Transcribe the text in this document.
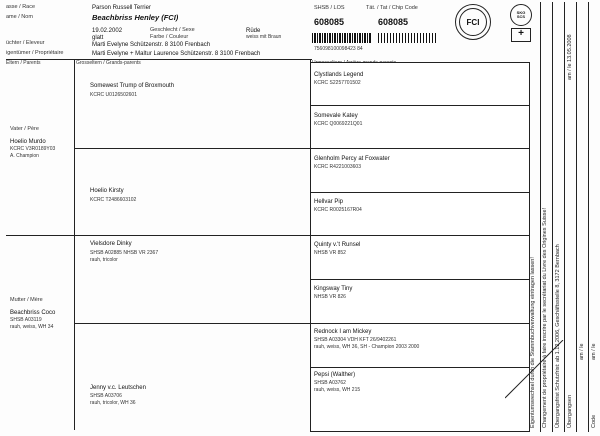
asse / Race
ame / Nom
üchter / Eleveur
igentümer / Propriétaire
Parson Russell Terrier
Beachbriss Henley (FCI)
19.02.2002	Geschlecht / Sexe	Rüde
glatt	Farbe / Couleur	weiss mit Braun
Marti Evelyne Schützenstr. 8 3100 Frenbach
Marti Evelyne + Maltur Laurence Schützenstr. 8 3100 Frenbach
SHSB / LOS	Tät. / Tat / Chip Code
608085	608085
756098100098423 84
FCI
SKG SCS
+
Eltern / Parents	Grosseltern / Grands-parents
Vater / Père
Hoelio Murdo
KCRC V3R0189Y03
A. Champion
Somewest Trump of Broxmouth
KCRC U0126502601
Hoelio Kirsty
KCRC T2486603102
Clystlands Legend
KCRC S2257701502
Somevale Katey
KCRC Q0069221Q01
Glenholm Percy at Foxwater
KCRC R4221003603
Hellvar Pip
KCRC R0025167R04
Mutter / Mère
Beachbriss Coco
SHSB A03119
rauh, weiss, WH 34
Vielsdore Dinky
SHSB A02885 NHSB VR 2367
rauh, tricolor
Jenny v.c. Leutschen
SHSB A03706
rauh, tricolor, WH 36
Quinty v.'t Runsel
NHSB VR 852
Kingsway Tiny
NHSB VR 826
Rednock I am Mickey
SHSB A03304 VDH KFT 26/9402261
rauh, weiss, WH 36, SH - Champion 2003 2000
Pepsi (Walther)
SHSB A03762
rauh, weiss, WH 215	Eigentumswechsel durch die Stammbuchverwaltung eintragen lassen! Changement de propriétaire à faire inscrire par le secrétariat du Livre des Origines Suisse! Übergangsfrist Schutzfrist: ab 1.12.2006, Geschäftsstelle 8, 3172 Bernbach Übergangsen
am / le 13.05.2008
am / le
Code
am / le
